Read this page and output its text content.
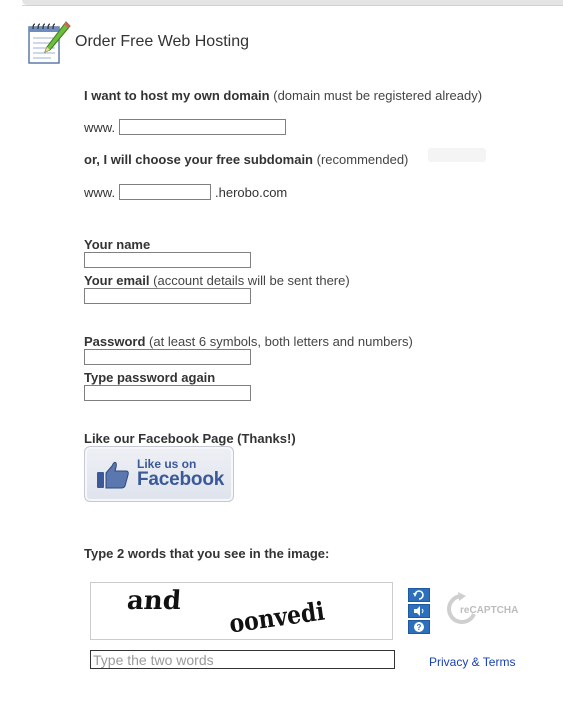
Order Free Web Hosting
I want to host my own domain (domain must be registered already)
www.
or, I will choose your free subdomain (recommended)
www.	.herobo.com
Your name
Your email (account details will be sent there)
Password (at least 6 symbols, both letters and numbers)
Type password again
Like our Facebook Page (Thanks!)
Like us on
Facebook
Type 2 words that you see in the image:
and oonvedi	?
reCAPTCHA
Type the two words
Privacy & Terms
